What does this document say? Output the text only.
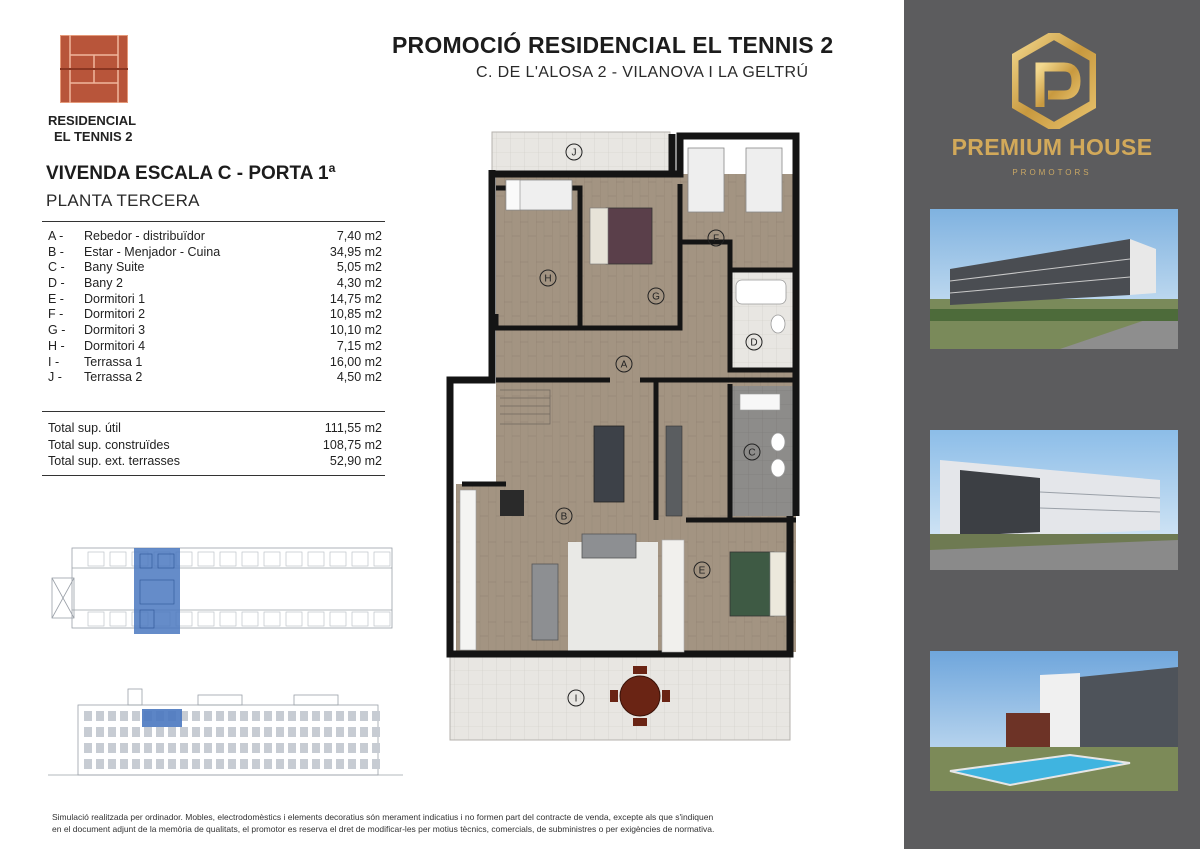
RESIDENCIAL
EL TENNIS 2
PROMOCIÓ RESIDENCIAL EL TENNIS 2
C. DE L'ALOSA 2 - VILANOVA I LA GELTRÚ
VIVENDA ESCALA C - PORTA 1ª
PLANTA TERCERA
A -	Rebedor - distribuïdor	7,40 m2
B -	Estar - Menjador - Cuina	34,95 m2
C -	Bany Suite	5,05 m2
D -	Bany 2	4,30 m2
E -	Dormitori 1	14,75 m2
F -	Dormitori 2	10,85 m2
G -	Dormitori 3	10,10 m2
H -	Dormitori 4	7,15 m2
I -	Terrassa 1	16,00 m2
J -	Terrassa 2	4,50 m2
Total sup. útil	111,55 m2
Total sup. construïdes	108,75 m2
Total sup. ext. terrasses	52,90 m2
A
B
C
D
E
F
G
H
I
J
Simulació realitzada per ordinador. Mobles, electrodomèstics i elements decoratius són merament indicatius i no formen part del contracte de venda, excepte als que s'indiquen
en el document adjunt de la memòria de qualitats, el promotor es reserva el dret de modificar-les per motius tècnics, comercials, de subministres o per exigències de normativa.
PREMIUM HOUSE
PROMOTORS
